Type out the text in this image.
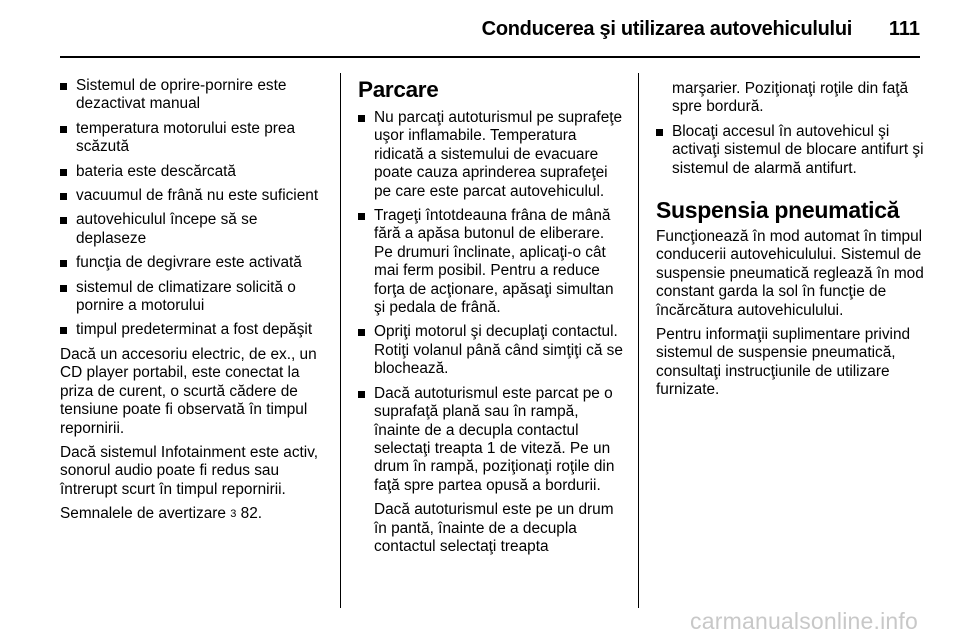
Conducerea şi utilizarea autovehiculului 111
Sistemul de oprire-pornire este dezactivat manual
temperatura motorului este prea scăzută
bateria este descărcată
vacuumul de frână nu este suficient
autovehiculul începe să se deplaseze
funcţia de degivrare este activată
sistemul de climatizare solicită o pornire a motorului
timpul predeterminat a fost depăşit

Dacă un accesoriu electric, de ex., un CD player portabil, este conectat la priza de curent, o scurtă cădere de tensiune poate fi observată în timpul repornirii.

Dacă sistemul Infotainment este activ, sonorul audio poate fi redus sau întrerupt scurt în timpul repornirii.

Semnalele de avertizare 3 82.

Parcare
Nu parcaţi autoturismul pe suprafeţe uşor inflamabile. Temperatura ridicată a sistemului de evacuare poate cauza aprinderea suprafeţei pe care este parcat autovehiculul.
Trageţi întotdeauna frâna de mână fără a apăsa butonul de eliberare. Pe drumuri înclinate, aplicaţi-o cât mai ferm posibil. Pentru a reduce forţa de acţionare, apăsaţi simultan şi pedala de frână.
Opriţi motorul şi decuplaţi contactul. Rotiţi volanul până când simţiţi că se blochează.
Dacă autoturismul este parcat pe o suprafaţă plană sau în rampă, înainte de a decupla contactul selectaţi treapta 1 de viteză. Pe un drum în rampă, poziţionaţi roţile din faţă spre partea opusă a bordurii.

Dacă autoturismul este pe un drum în pantă, înainte de a decupla contactul selectaţi treapta

marşarier. Poziţionaţi roţile din faţă spre bordură.

Blocaţi accesul în autovehicul şi activaţi sistemul de blocare antifurt şi sistemul de alarmă antifurt.
Suspensia pneumatică

Funcţionează în mod automat în timpul conducerii autovehiculului. Sistemul de suspensie pneumatică reglează în mod constant garda la sol în funcţie de încărcătura autovehiculului.

Pentru informaţii suplimentare privind sistemul de suspensie pneumatică, consultaţi instrucţiunile de utilizare furnizate.

carmanualsonline.info
